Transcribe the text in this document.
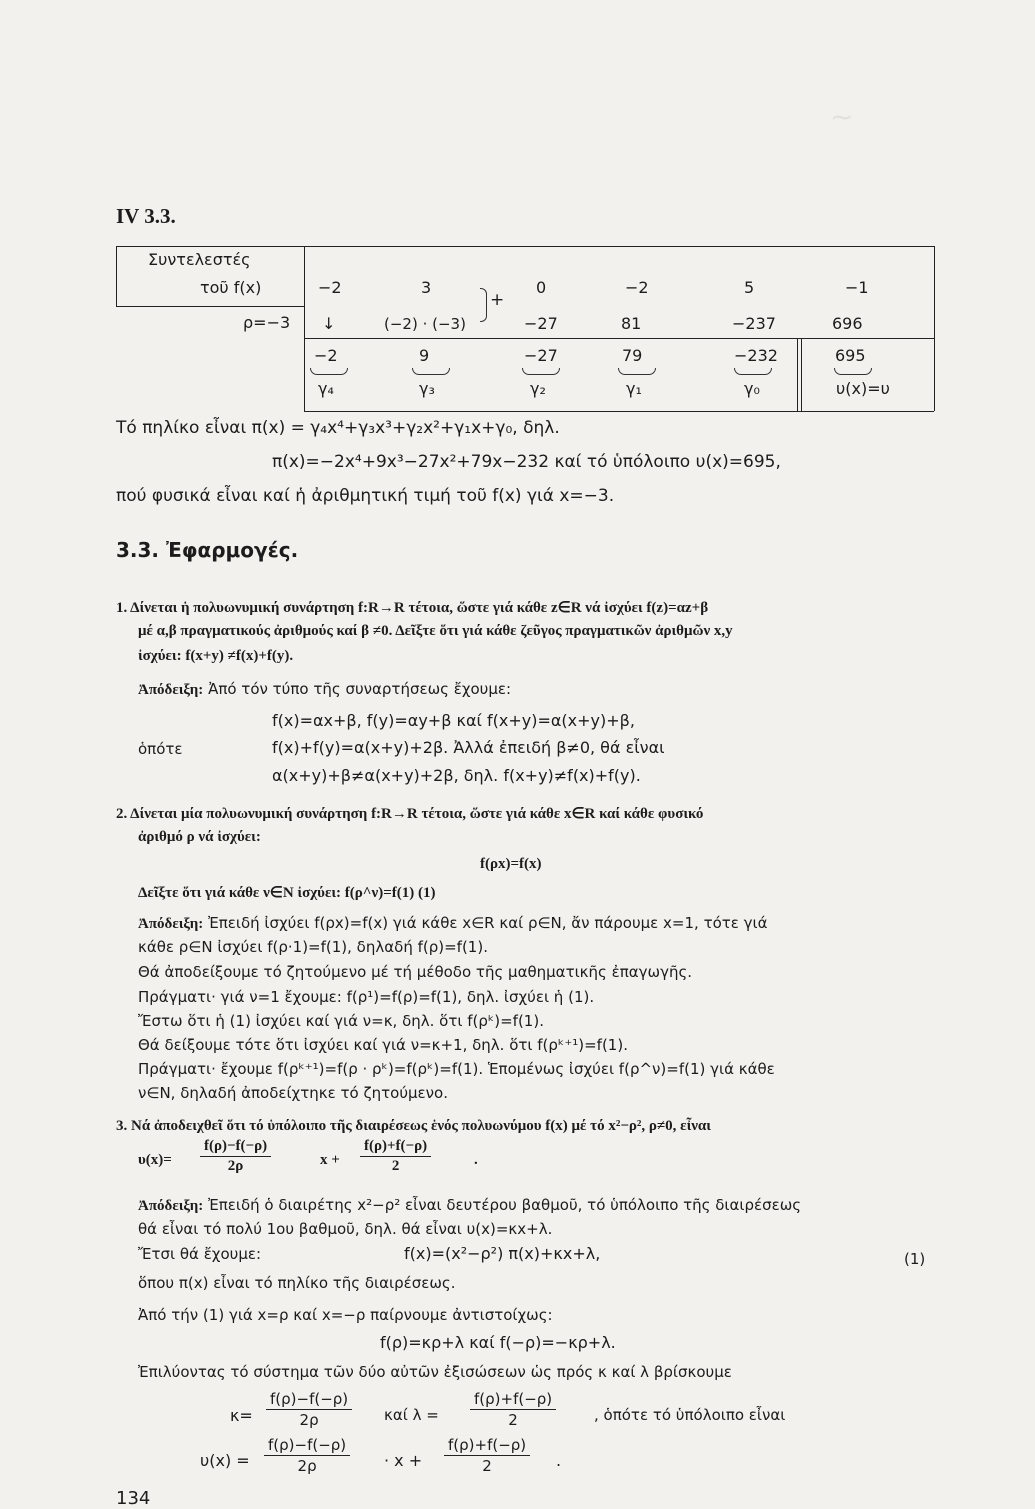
~
IV 3.3.
Συντελεστές
τοῦ f(x)
ρ=−3
−2	3	0	−2	5	−1
+
↓	(−2) · (−3)	−27	81	−237	696
−2	9	−27	79	−232	695
γ₄	γ₃	γ₂	γ₁	γ₀	υ(x)=υ
Τό πηλίκο εἶναι π(x) = γ₄x⁴+γ₃x³+γ₂x²+γ₁x+γ₀, δηλ.
π(x)=−2x⁴+9x³−27x²+79x−232 καί τό ὑπόλοιπο υ(x)=695,
πού φυσικά εἶναι καί ἡ ἀριθμητική τιμή τοῦ f(x) γιά x=−3.
3.3. Ἐφαρμογές.
1. Δίνεται ἡ πολυωνυμική συνάρτηση f:R→R τέτοια, ὥστε γιά κάθε z∈R νά ἰσχύει f(z)=αz+β
μέ α,β πραγματικούς ἀριθμούς καί β ≠0. Δεῖξτε ὅτι γιά κάθε ζεῦγος πραγματικῶν ἀριθμῶν x,y
ἰσχύει: f(x+y) ≠f(x)+f(y).
Ἀπόδειξη: Ἀπό τόν τύπο τῆς συναρτήσεως ἔχουμε:
f(x)=αx+β, f(y)=αy+β καί f(x+y)=α(x+y)+β,
ὁπότε	f(x)+f(y)=α(x+y)+2β. Ἀλλά ἐπειδή β≠0, θά εἶναι
α(x+y)+β≠α(x+y)+2β, δηλ. f(x+y)≠f(x)+f(y).
2. Δίνεται μία πολυωνυμική συνάρτηση f:R→R τέτοια, ὥστε γιά κάθε x∈R καί κάθε φυσικό
ἀριθμό ρ νά ἰσχύει:
f(ρx)=f(x)
Δεῖξτε ὅτι γιά κάθε ν∈N ἰσχύει: f(ρ^ν)=f(1) (1)
Ἀπόδειξη: Ἐπειδή ἰσχύει f(ρx)=f(x) γιά κάθε x∈R καί ρ∈N, ἄν πάρουμε x=1, τότε γιά
κάθε ρ∈N ἰσχύει f(ρ·1)=f(1), δηλαδή f(ρ)=f(1).
Θά ἀποδείξουμε τό ζητούμενο μέ τή μέθοδο τῆς μαθηματικῆς ἐπαγωγῆς.
Πράγματι· γιά ν=1 ἔχουμε: f(ρ¹)=f(ρ)=f(1), δηλ. ἰσχύει ἡ (1).
Ἔστω ὅτι ἡ (1) ἰσχύει καί γιά ν=κ, δηλ. ὅτι f(ρᵏ)=f(1).
Θά δείξουμε τότε ὅτι ἰσχύει καί γιά ν=κ+1, δηλ. ὅτι f(ρᵏ⁺¹)=f(1).
Πράγματι· ἔχουμε f(ρᵏ⁺¹)=f(ρ · ρᵏ)=f(ρᵏ)=f(1). Ἑπομένως ἰσχύει f(ρ^ν)=f(1) γιά κάθε
ν∈N, δηλαδή ἀποδείχτηκε τό ζητούμενο.
3. Νά ἀποδειχθεῖ ὅτι τό ὑπόλοιπο τῆς διαιρέσεως ἑνός πολυωνύμου f(x) μέ τό x²−ρ², ρ≠0, εἶναι
$\upsilon(x)= \frac{f(\rho)-f(-\rho)}{2\rho}$	$x + \frac{f(\rho)+f(-\rho)}{2}$	.
Ἀπόδειξη: Ἐπειδή ὁ διαιρέτης x²−ρ² εἶναι δευτέρου βαθμοῦ, τό ὑπόλοιπο τῆς διαιρέσεως
θά εἶναι τό πολύ 1ου βαθμοῦ, δηλ. θά εἶναι υ(x)=κx+λ.
Ἔτσι θά ἔχουμε:	f(x)=(x²−ρ²) π(x)+κx+λ,	(1)
ὅπου π(x) εἶναι τό πηλίκο τῆς διαιρέσεως.
Ἀπό τήν (1) γιά x=ρ καί x=−ρ παίρνουμε ἀντιστοίχως:
f(ρ)=κρ+λ καί f(−ρ)=−κρ+λ.
Ἐπιλύοντας τό σύστημα τῶν δύο αὐτῶν ἐξισώσεων ὡς πρός κ καί λ βρίσκουμε
$\kappa= \frac{f(\rho)-f(-\rho)}{2\rho}$ καί $\lambda = \frac{f(\rho)+f(-\rho)}{2}$	, ὁπότε τό ὑπόλοιπο εἶναι
$\upsilon(x) = \frac{f(\rho)-f(-\rho)}{2\rho} \cdot x + \frac{f(\rho)+f(-\rho)}{2}$ .
134
